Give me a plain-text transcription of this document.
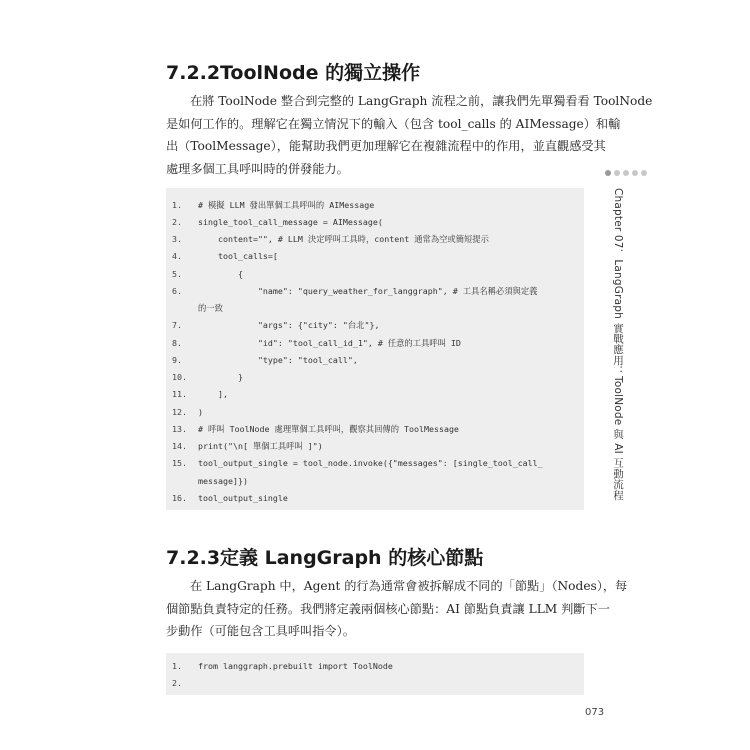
7.2.2ToolNode 的獨立操作

在將 ToolNode 整合到完整的 LangGraph 流程之前，讓我們先單獨看看 ToolNode
是如何工作的。理解它在獨立情況下的輸入（包含 tool_calls 的 AIMessage）和輸
出（ToolMessage），能幫助我們更加理解它在複雜流程中的作用，並直觀感受其
處理多個工具呼叫時的併發能力。

1.	# 模擬 LLM 發出單個工具呼叫的 AIMessage
2.	single_tool_call_message = AIMessage(
3.	content="", # LLM 決定呼叫工具時，content 通常為空或簡短提示
4.	tool_calls=[
5.	{
6.	"name": "query_weather_for_langgraph", # 工具名稱必須與定義
的一致
7.	"args": {"city": "台北"},
8.	"id": "tool_call_id_1", # 任意的工具呼叫 ID
9.	"type": "tool_call",
10.	}
11.	],
12.	)
13.	# 呼叫 ToolNode 處理單個工具呼叫，觀察其回傳的 ToolMessage
14.	print("\n[ 單個工具呼叫 ]")
15.	tool_output_single = tool_node.invoke({"messages": [single_tool_call_
message]})
16.	tool_output_single
7.2.3定義 LangGraph 的核心節點

在 LangGraph 中，Agent 的行為通常會被拆解成不同的「節點」（Nodes），每
個節點負責特定的任務。我們將定義兩個核心節點：AI 節點負責讓 LLM 判斷下一
步動作（可能包含工具呼叫指令）。

1.	from langgraph.prebuilt import ToolNode
2.
Chapter 07．LangGraph 實戰應用：ToolNode 與 AI 互動流程
073
